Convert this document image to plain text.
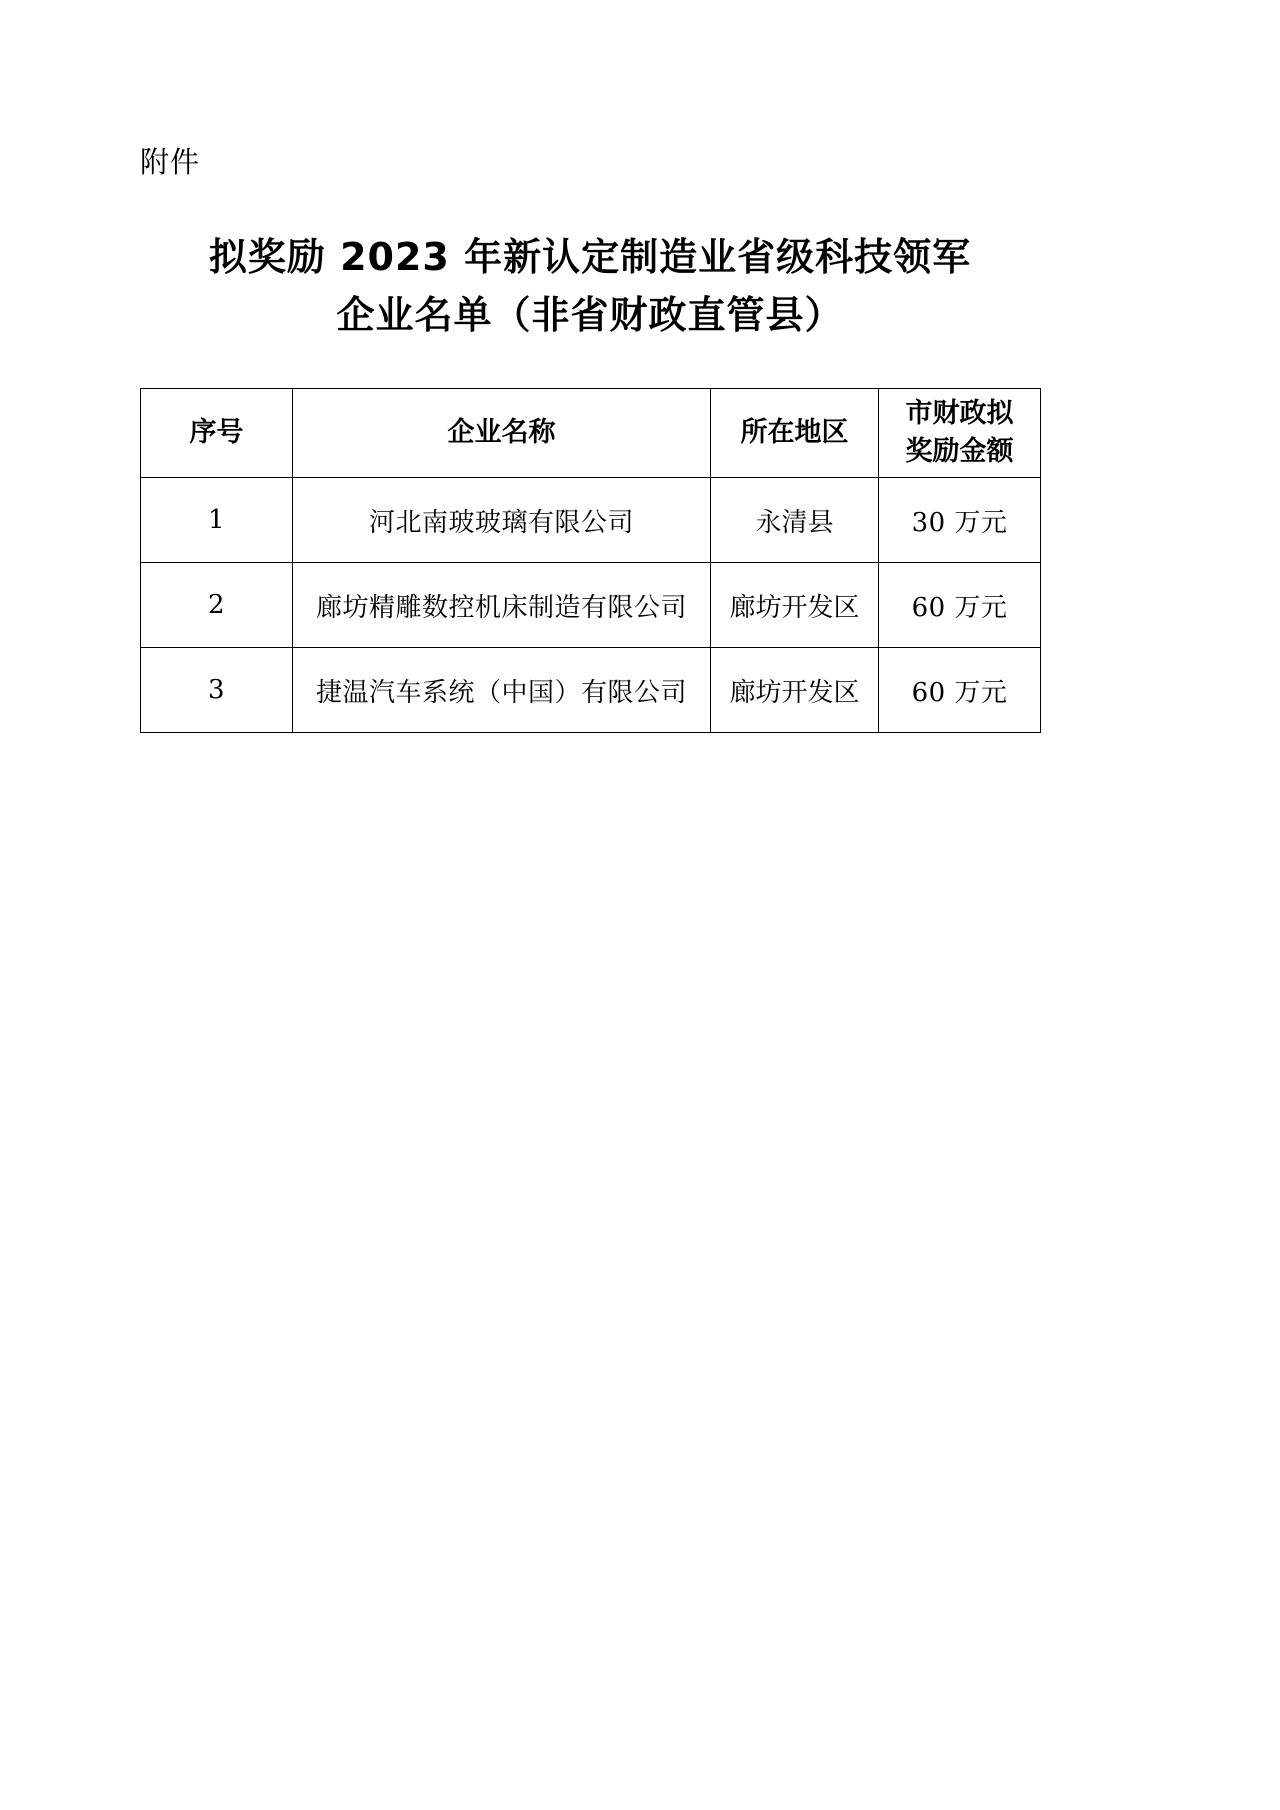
附件
拟奖励 2023 年新认定制造业省级科技领军
企业名单（非省财政直管县）
序号	企业名称	所在地区	市财政拟
奖励金额

1	河北南玻玻璃有限公司	永清县	30 万元
2	廊坊精雕数控机床制造有限公司	廊坊开发区	60 万元
3	捷温汽车系统（中国）有限公司	廊坊开发区	60 万元
